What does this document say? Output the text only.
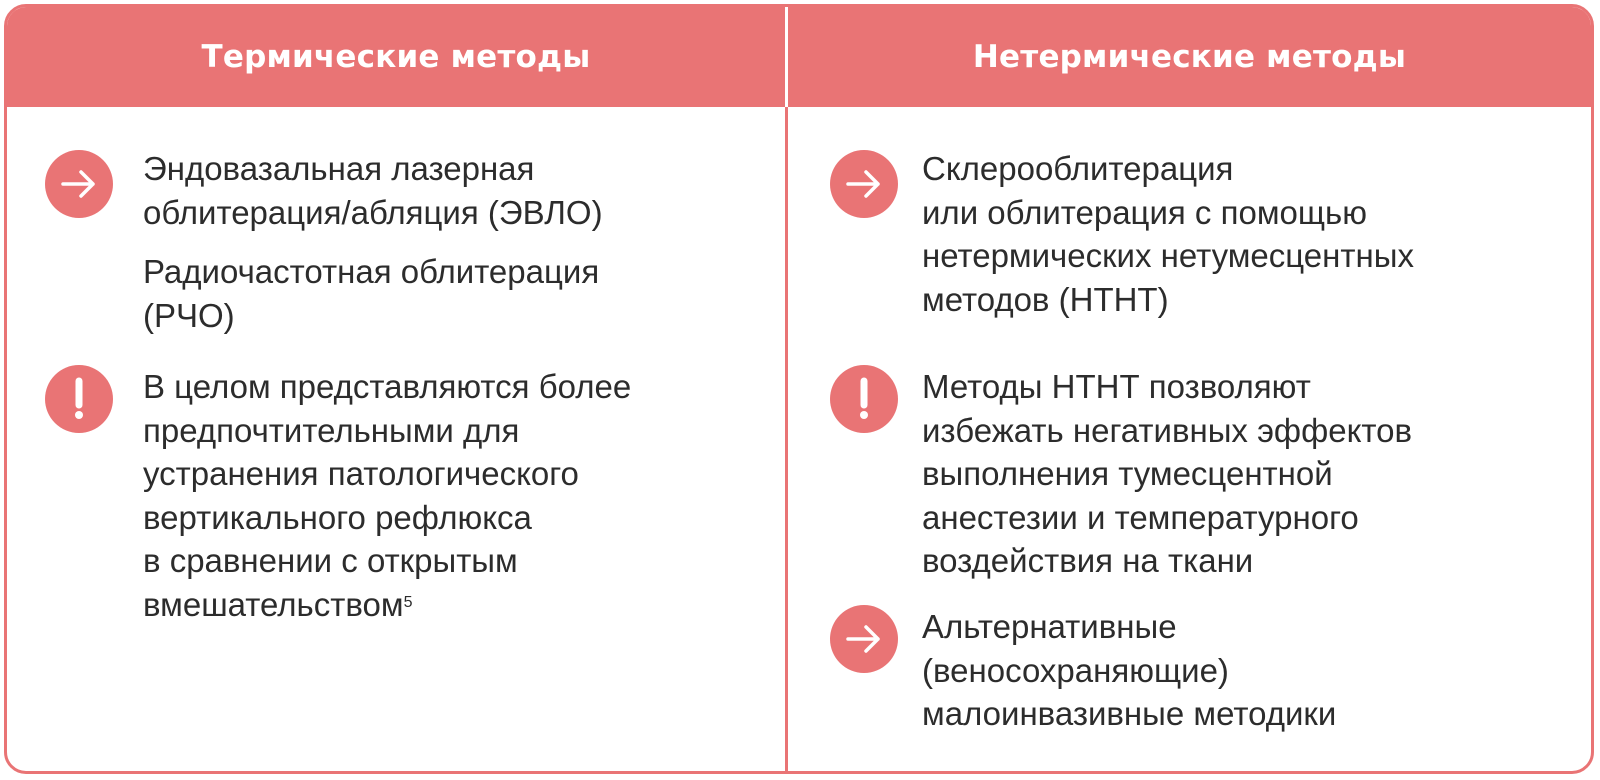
Термические методы
Эндовазальная лазерная
облитерация/абляция (ЭВЛО)
Радиочастотная облитерация
(РЧО)
В целом представляются более
предпочтительными для
устранения патологического
вертикального рефлюкса
в сравнении с открытым
вмешательством$^5$
Нетермические методы
Склерооблитерация
или облитерация с помощью
нетермических нетумесцентных
методов (НТНТ)
Методы НТНТ позволяют
избежать негативных эффектов
выполнения тумесцентной
анестезии и температурного
воздействия на ткани
Альтернативные
(веносохраняющие)
малоинвазивные методики
